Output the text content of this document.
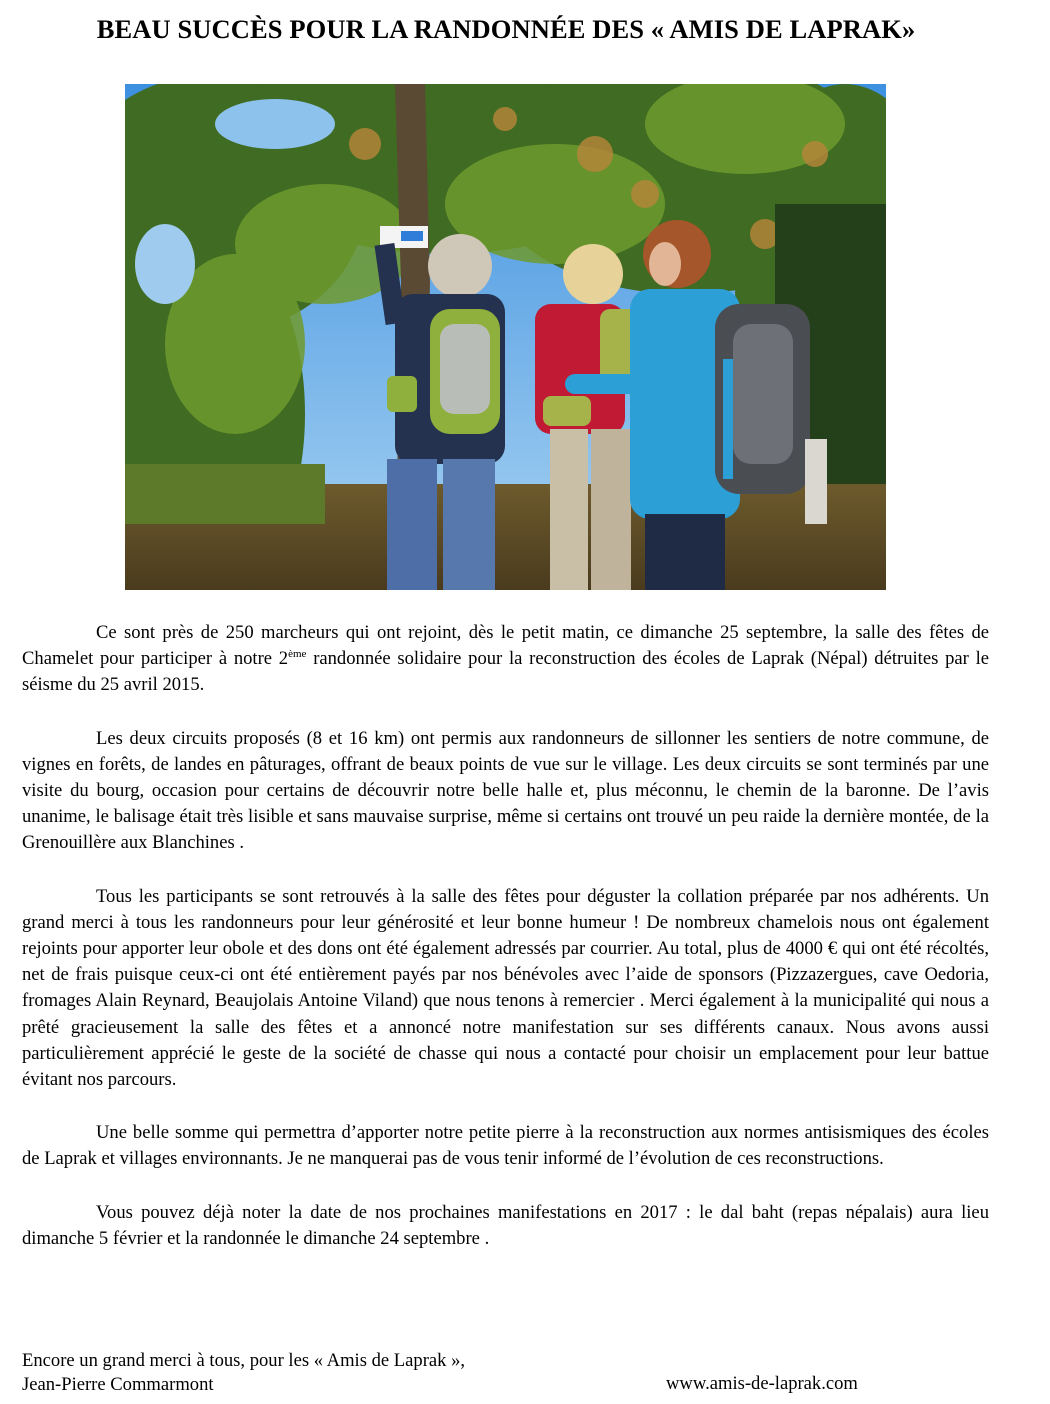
BEAU SUCCÈS POUR LA RANDONNÉE DES « AMIS DE LAPRAK»

Ce sont près de 250 marcheurs qui ont rejoint, dès le petit matin, ce dimanche 25 septembre, la salle des fêtes de Chamelet pour participer à notre 2ème randonnée solidaire pour la reconstruction des écoles de Laprak (Népal) détruites par le séisme du 25 avril 2015.

Les deux circuits proposés (8 et 16 km) ont permis aux randonneurs de sillonner les sentiers de notre commune, de vignes en forêts, de landes en pâturages, offrant de beaux points de vue sur le village. Les deux circuits se sont terminés par une visite du bourg, occasion pour certains de découvrir notre belle halle et, plus méconnu, le chemin de la baronne. De l’avis unanime, le balisage était très lisible et sans mauvaise surprise, même si certains ont trouvé un peu raide la dernière montée, de la Grenouillère aux Blanchines .

Tous les participants se sont retrouvés à la salle des fêtes pour déguster la collation préparée par nos adhérents. Un grand merci à tous les randonneurs pour leur générosité et leur bonne humeur ! De nombreux chamelois nous ont également rejoints pour apporter leur obole et des dons ont été également adressés par courrier. Au total, plus de 4000 € qui ont été récoltés, net de frais puisque ceux-ci ont été entièrement payés par nos bénévoles avec l’aide de sponsors (Pizzazergues, cave Oedoria, fromages Alain Reynard, Beaujolais Antoine Viland) que nous tenons à remercier . Merci également à la municipalité qui nous a prêté gracieusement la salle des fêtes et a annoncé notre manifestation sur ses différents canaux. Nous avons aussi particulièrement apprécié le geste de la société de chasse qui nous a contacté pour choisir un emplacement pour leur battue évitant nos parcours.

Une belle somme qui permettra d’apporter notre petite pierre à la reconstruction aux normes antisismiques des écoles de Laprak et villages environnants. Je ne manquerai pas de vous tenir informé de l’évolution de ces reconstructions.

Vous pouvez déjà noter la date de nos prochaines manifestations en 2017 : le dal baht (repas népalais) aura lieu dimanche 5 février et la randonnée le dimanche 24 septembre .

Encore un grand merci à tous, pour les « Amis de Laprak »,
Jean-Pierre Commarmont	www.amis-de-laprak.com
